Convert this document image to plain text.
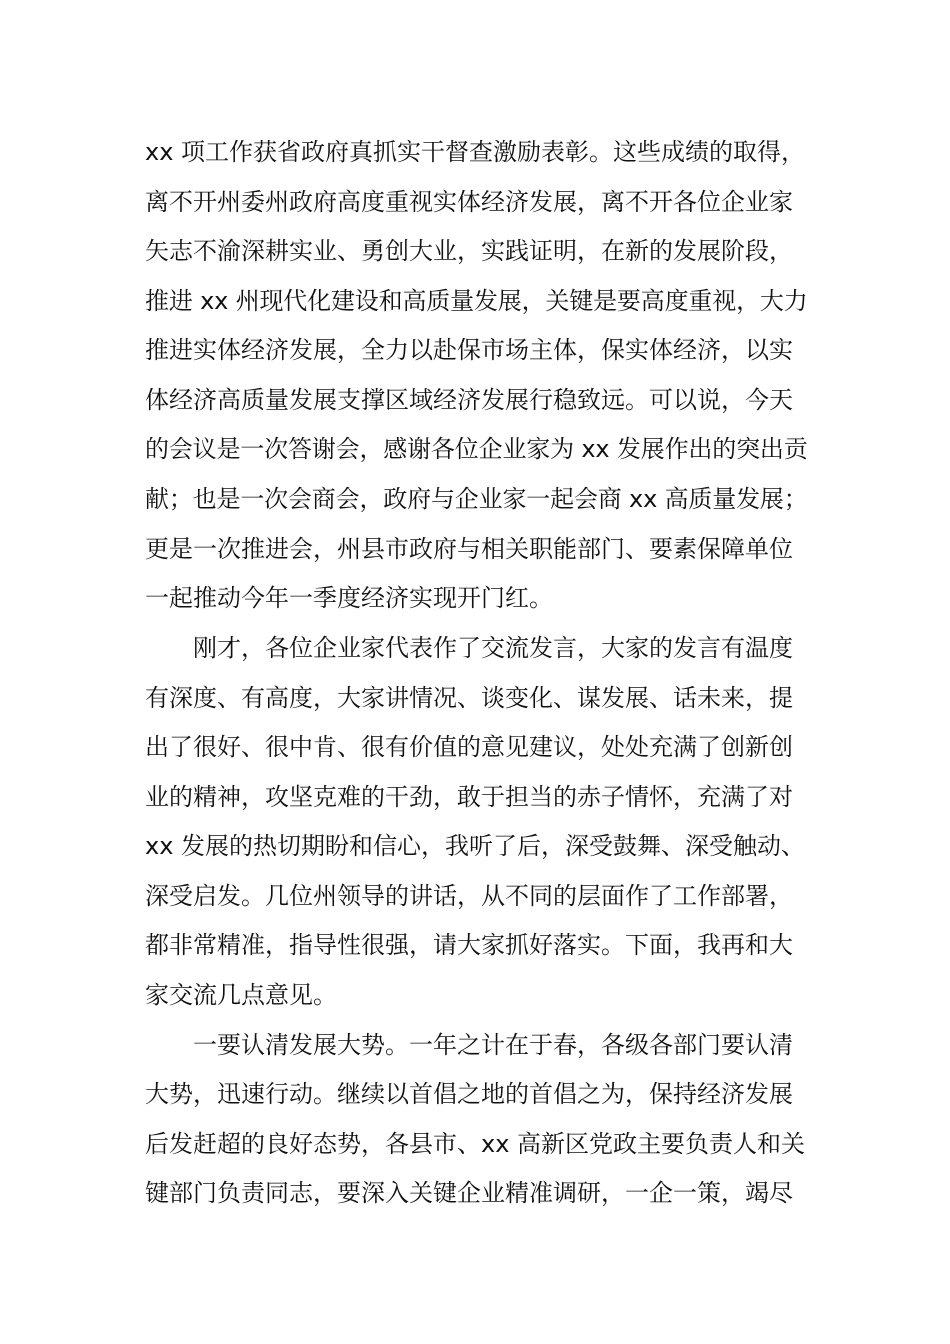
xx 项工作获省政府真抓实干督查激励表彰。这些成绩的取得，
离不开州委州政府高度重视实体经济发展，离不开各位企业家
矢志不渝深耕实业、勇创大业，实践证明，在新的发展阶段，
推进 xx 州现代化建设和高质量发展，关键是要高度重视，大力
推进实体经济发展，全力以赴保市场主体，保实体经济，以实
体经济高质量发展支撑区域经济发展行稳致远。可以说，今天
的会议是一次答谢会，感谢各位企业家为 xx 发展作出的突出贡
献；也是一次会商会，政府与企业家一起会商 xx 高质量发展；
更是一次推进会，州县市政府与相关职能部门、要素保障单位
一起推动今年一季度经济实现开门红。
刚才，各位企业家代表作了交流发言，大家的发言有温度
有深度、有高度，大家讲情况、谈变化、谋发展、话未来，提
出了很好、很中肯、很有价值的意见建议，处处充满了创新创
业的精神，攻坚克难的干劲，敢于担当的赤子情怀，充满了对
xx 发展的热切期盼和信心，我听了后，深受鼓舞、深受触动、
深受启发。几位州领导的讲话，从不同的层面作了工作部署，
都非常精准，指导性很强，请大家抓好落实。下面，我再和大
家交流几点意见。
一要认清发展大势。一年之计在于春，各级各部门要认清
大势，迅速行动。继续以首倡之地的首倡之为，保持经济发展
后发赶超的良好态势，各县市、xx 高新区党政主要负责人和关
键部门负责同志，要深入关键企业精准调研，一企一策，竭尽
